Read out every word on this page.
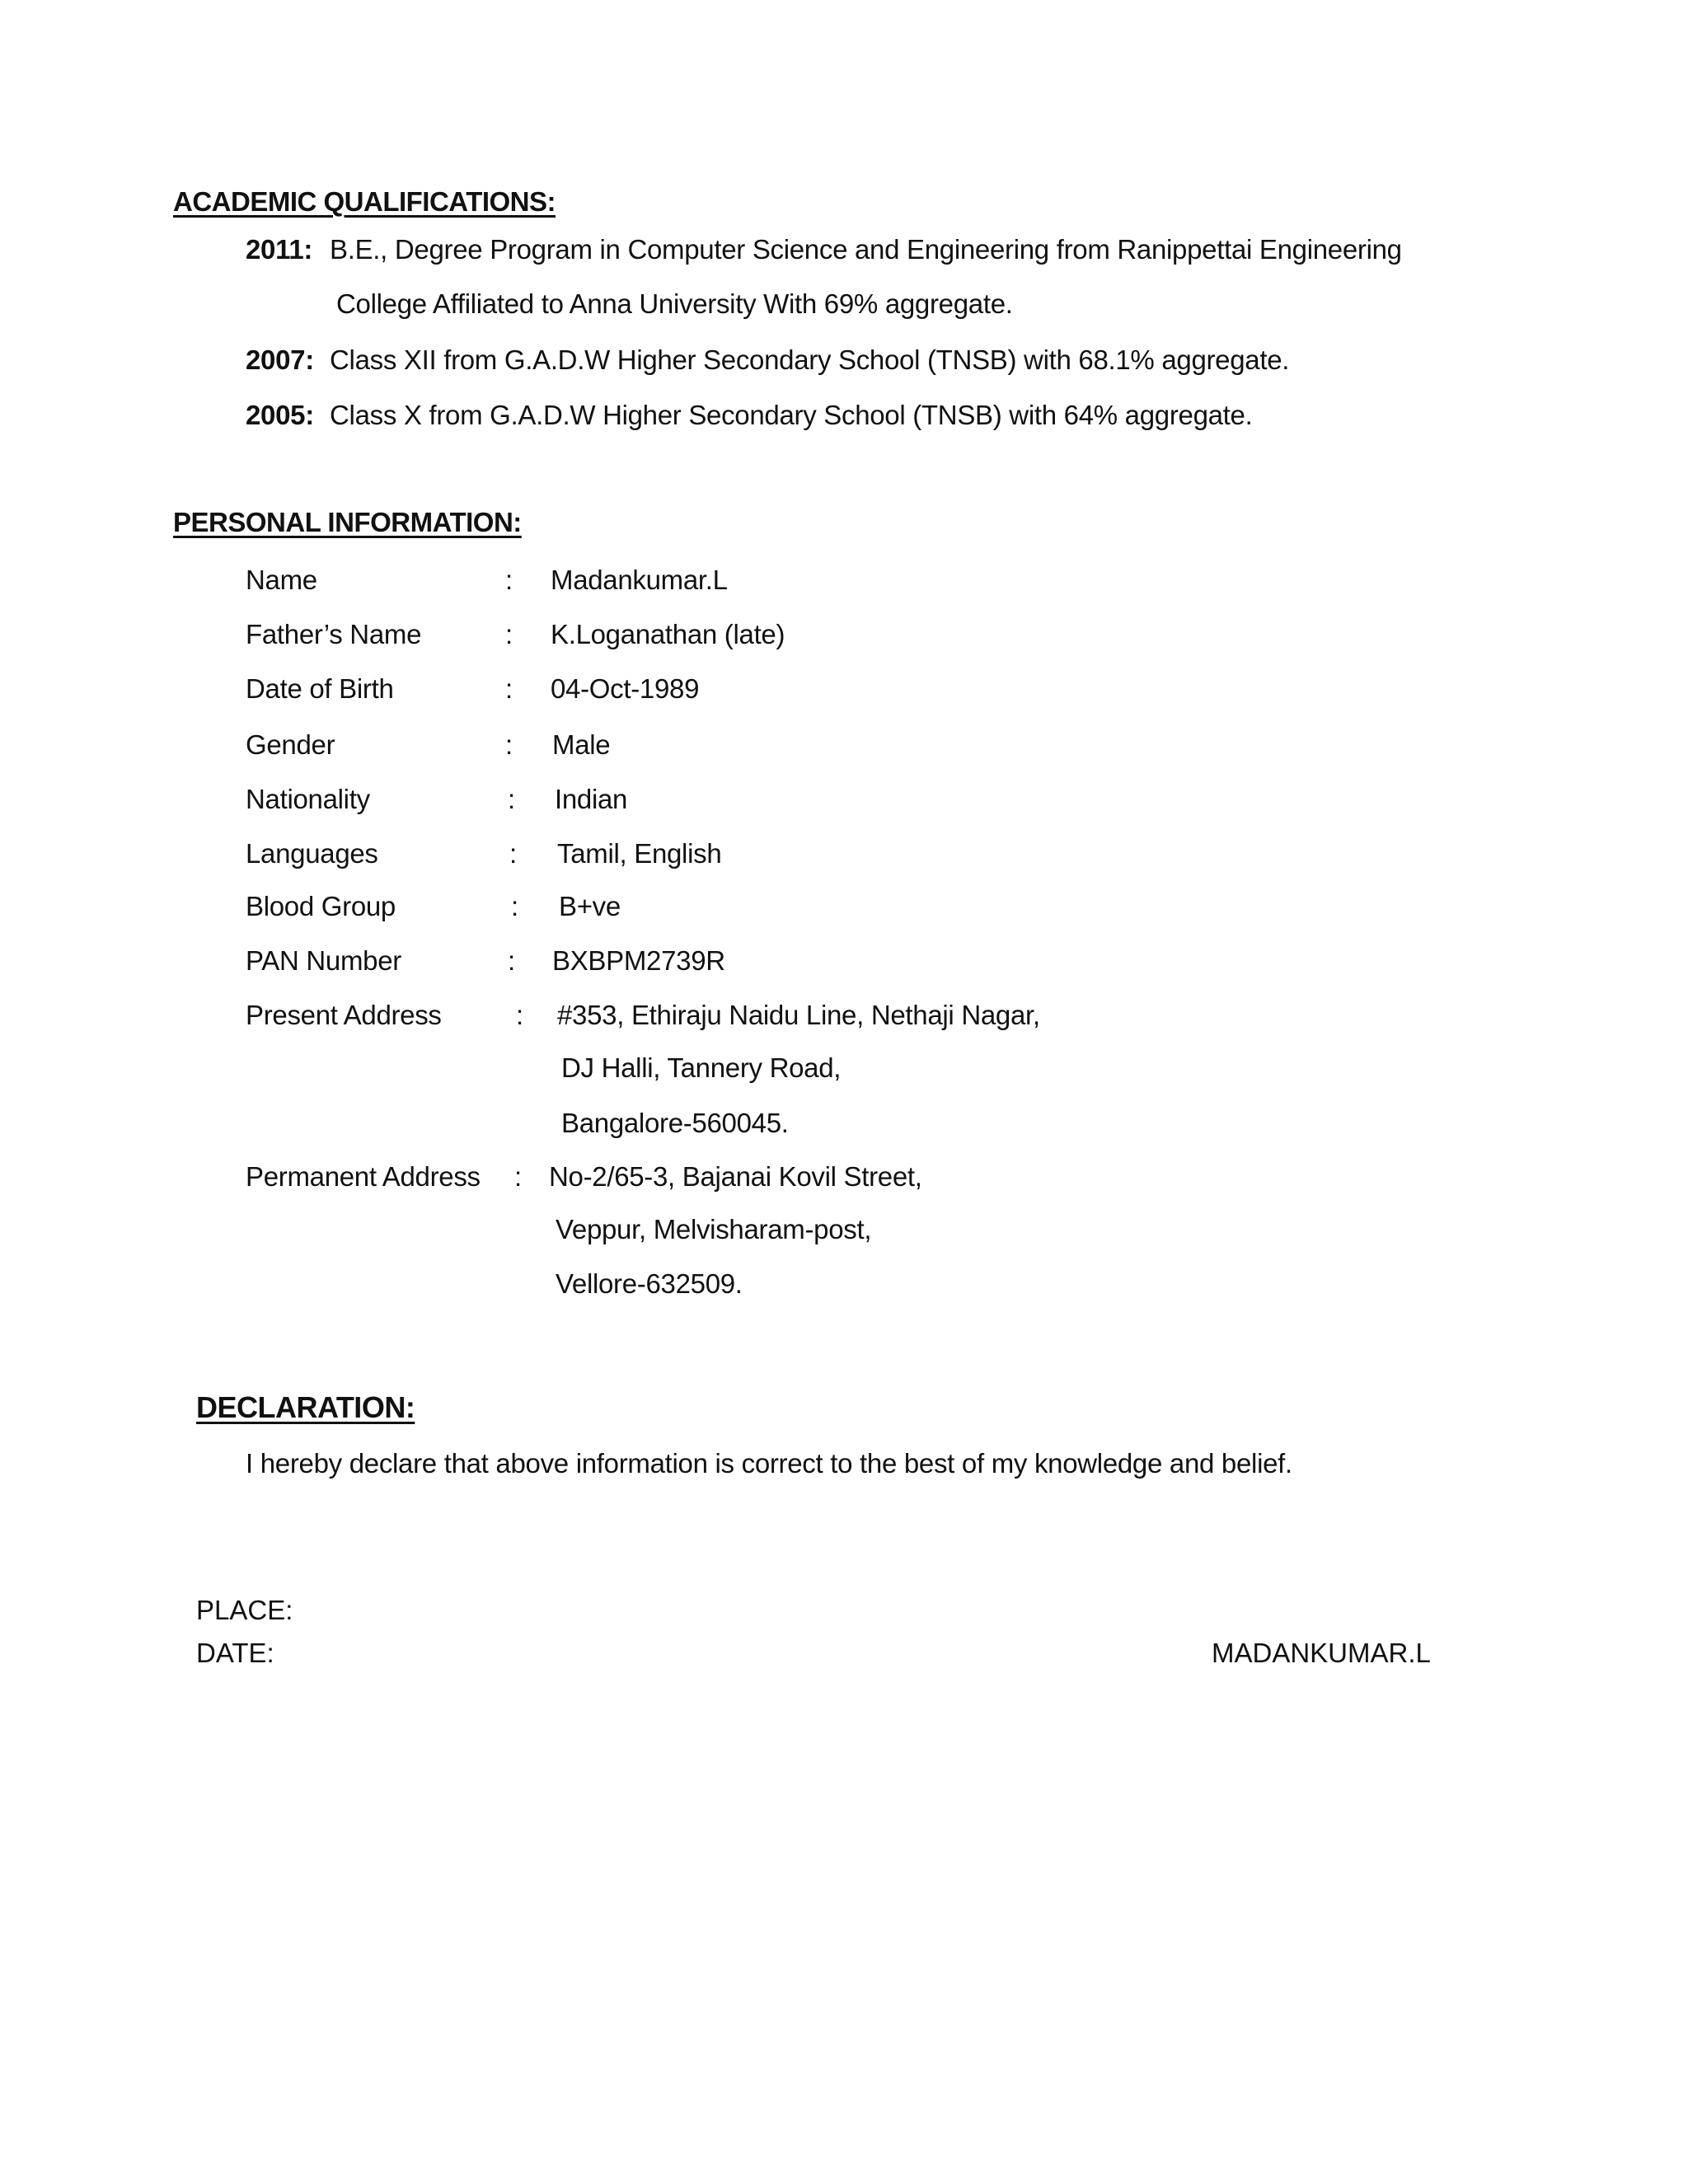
ACADEMIC QUALIFICATIONS:
2011: B.E., Degree Program in Computer Science and Engineering from Ranippettai Engineering
College Affiliated to Anna University With 69% aggregate.
2007: Class XII from G.A.D.W Higher Secondary School (TNSB) with 68.1% aggregate.
2005: Class X from G.A.D.W Higher Secondary School (TNSB) with 64% aggregate.
PERSONAL INFORMATION:
Name	: Madankumar.L
Father’s Name	: K.Loganathan (late)
Date of Birth	: 04-Oct-1989
Gender	: Male
Nationality	: Indian
Languages	: Tamil, English
Blood Group	: B+ve
PAN Number	: BXBPM2739R
Present Address	: #353, Ethiraju Naidu Line, Nethaji Nagar,
DJ Halli, Tannery Road,
Bangalore-560045.
Permanent Address : No-2/65-3, Bajanai Kovil Street,
Veppur, Melvisharam-post,
Vellore-632509.
DECLARATION:
I hereby declare that above information is correct to the best of my knowledge and belief.
PLACE:
DATE:	MADANKUMAR.L
